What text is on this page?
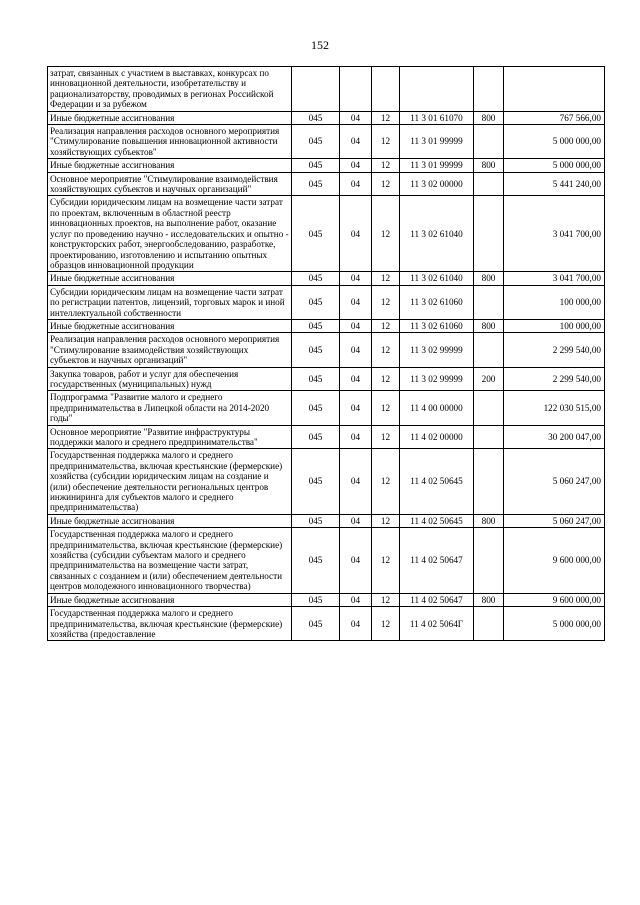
152
затрат, связанных с участием в выставках, конкурсах по инновационной деятельности, изобретательству и рационализаторству, проводимых в регионах Российской Федерации и за рубежом						
Иные бюджетные ассигнования	045	04	12	11 3 01 61070	800	767 566,00
Реализация направления расходов основного мероприятия "Стимулирование повышения инновационной активности хозяйствующих субъектов"	045	04	12	11 3 01 99999		5 000 000,00
Иные бюджетные ассигнования	045	04	12	11 3 01 99999	800	5 000 000,00
Основное мероприятие "Стимулирование взаимодействия хозяйствующих субъектов и научных организаций"	045	04	12	11 3 02 00000		5 441 240,00
Субсидии юридическим лицам на возмещение части затрат по проектам, включенным в областной реестр инновационных проектов, на выполнение работ, оказание услуг по проведению научно - исследовательских и опытно - конструкторских работ, энергообследованию, разработке, проектированию, изготовлению и испытанию опытных образцов инновационной продукции	045	04	12	11 3 02 61040		3 041 700,00
Иные бюджетные ассигнования	045	04	12	11 3 02 61040	800	3 041 700,00
Субсидии юридическим лицам на возмещение части затрат по регистрации патентов, лицензий, торговых марок и иной интеллектуальной собственности	045	04	12	11 3 02 61060		100 000,00
Иные бюджетные ассигнования	045	04	12	11 3 02 61060	800	100 000,00
Реализация направления расходов основного мероприятия "Стимулирование взаимодействия хозяйствующих субъектов и научных организаций"	045	04	12	11 3 02 99999		2 299 540,00
Закупка товаров, работ и услуг для обеспечения государственных (муниципальных) нужд	045	04	12	11 3 02 99999	200	2 299 540,00
Подпрограмма "Развитие малого и среднего предпринимательства в Липецкой области на 2014-2020 годы"	045	04	12	11 4 00 00000		122 030 515,00
Основное мероприятие "Развитие инфраструктуры поддержки малого и среднего предпринимательства"	045	04	12	11 4 02 00000		30 200 047,00
Государственная поддержка малого и среднего предпринимательства, включая крестьянские (фермерские) хозяйства (субсидии юридическим лицам на создание и (или) обеспечение деятельности региональных центров инжиниринга для субъектов малого и среднего предпринимательства)	045	04	12	11 4 02 50645		5 060 247,00
Иные бюджетные ассигнования	045	04	12	11 4 02 50645	800	5 060 247,00
Государственная поддержка малого и среднего предпринимательства, включая крестьянские (фермерские) хозяйства (субсидии субъектам малого и среднего предпринимательства на возмещение части затрат, связанных с созданием и (или) обеспечением деятельности центров молодежного инновационного творчества)	045	04	12	11 4 02 50647		9 600 000,00
Иные бюджетные ассигнования	045	04	12	11 4 02 50647	800	9 600 000,00
Государственная поддержка малого и среднего предпринимательства, включая крестьянские (фермерские) хозяйства (предоставление	045	04	12	11 4 02 5064Г		5 000 000,00
